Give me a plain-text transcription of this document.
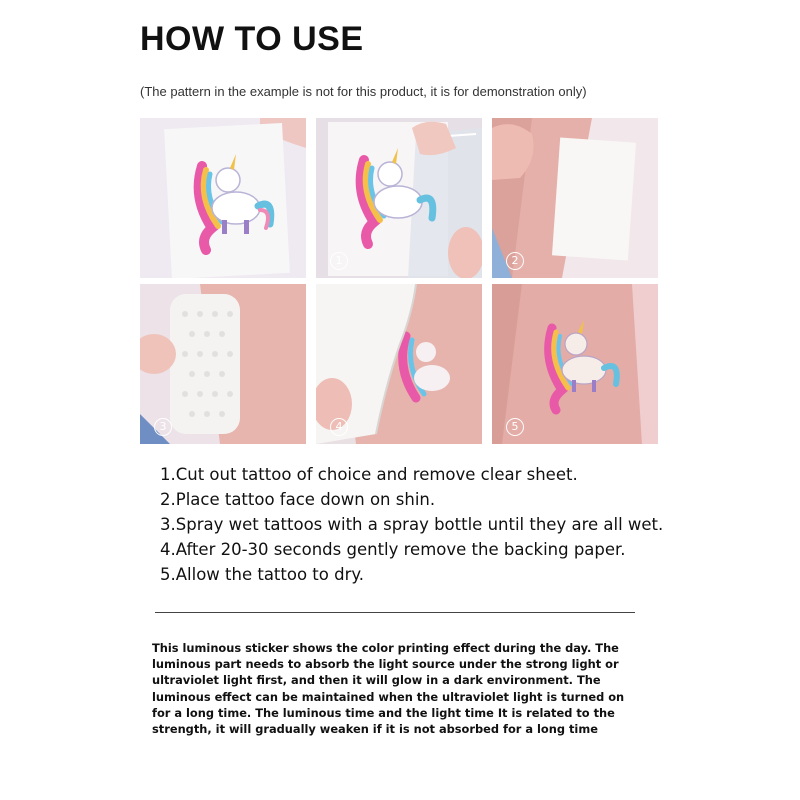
HOW TO USE
(The pattern in the example is not for this product, it is for demonstration only)
1	2
3	4	5
1.Cut out tattoo of choice and remove clear sheet.
2.Place tattoo face down on shin.
3.Spray wet tattoos with a spray bottle until they are all wet.
4.After 20-30 seconds gently remove the backing paper.
5.Allow the tattoo to dry.
This luminous sticker shows the color printing effect during the day. The luminous part needs to absorb the light source under the strong light or ultraviolet light first, and then it will glow in a dark environment. The luminous effect can be maintained when the ultraviolet light is turned on for a long time. The luminous time and the light time It is related to the strength, it will gradually weaken if it is not absorbed for a long time
